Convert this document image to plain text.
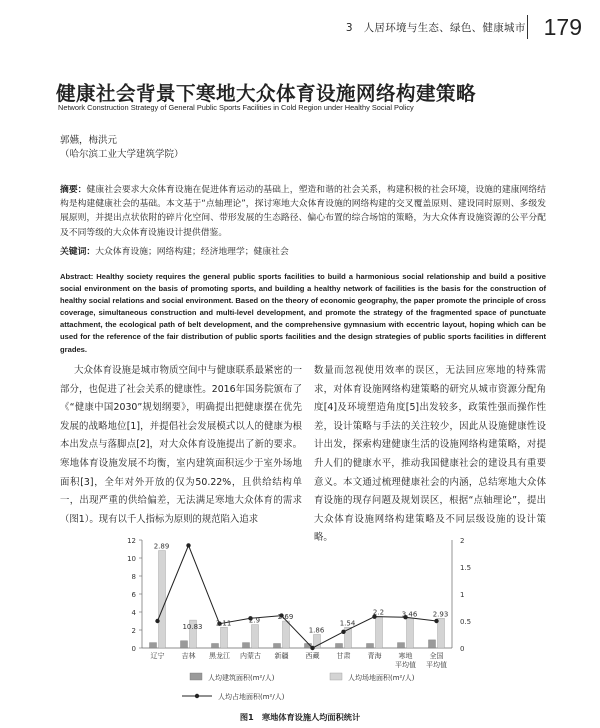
3　人居环境与生态、绿色、健康城市 179
健康社会背景下寒地大众体育设施网络构建策略
Network Construction Strategy of General Public Sports Facilities in Cold Region under Healthy Social Policy
郭嬿，梅洪元
（哈尔滨工业大学建筑学院）
摘要：健康社会要求大众体育设施在促进体育运动的基础上，塑造和谐的社会关系，构建积极的社会环境，设施的建康网络结构是构建健康社会的基础。本文基于“点轴理论”，探讨寒地大众体育设施的网络构建的交叉覆盖原则、建设同时原则、多级发展原则，并提出点状依附的碎片化空间、带形发展的生态路径、偏心布置的综合场馆的策略，为大众体育设施资源的公平分配及不同等级的大众体育设施设计提供借鉴。
关键词：大众体育设施；网络构建；经济地理学；健康社会
Abstract: Healthy society requires the general public sports facilities to build a harmonious social relationship and build a positive social environment on the basis of promoting sports, and building a healthy network of facilities is the basis for the construction of healthy social relations and social environment. Based on the theory of economic geography, the paper promote the principle of cross coverage, simultaneous construction and multi-level development, and promote the strategy of the fragmented space of punctuate attachment, the ecological path of belt development, and the comprehensive gymnasium with eccentric layout, hoping which can be used for the reference of the fair distribution of public sports facilities and the design strategies of public sports facilities in different grades.
大众体育设施是城市物质空间中与健康联系最紧密的一部分，也促进了社会关系的健康性。2016年国务院颁布了《“健康中国2030”规划纲要》，明确提出把健康摆在优先发展的战略地位[1]，并提倡社会发展模式以人的健康为根本出发点与落脚点[2]，对大众体育设施提出了新的要求。寒地体育设施发展不均衡，室内建筑面积远少于室外场地面积[3]，全年对外开放的仅为50.22%，且供给结构单一，出现严重的供给偏差，无法满足寒地大众体育的需求（图1）。现有以千人指标为原则的规范陷入追求
数量而忽视使用效率的误区，无法回应寒地的特殊需求，对体育设施网络构建策略的研究从城市资源分配角度[4]及环境塑造角度[5]出发较多，政策性强而操作性差，设计策略与手法的关注较少，因此从设施健康性设计出发，探索构建健康生活的设施网络构建策略，对提升人们的健康水平，推动我国健康社会的建设具有重要意义。本文通过梳理健康社会的内涵，总结寒地大众体育设施的现存问题及规划误区，根据“点轴理论”，提出大众体育设施网络构建策略及不同层级设施的设计策略。
0
2
4
6
8
10
12
0
0.5
1
1.5
2
2.89
10.83 3.11	2.9	2.69
1.86
1.54
2.2	3.46 2.93
辽宁 吉林 黑龙江 内蒙古 新疆 西藏 甘肃 青海 寒地
平均值
全国
平均值
人均建筑面积(m²/人)	人均场地面积(m²/人)
人均占地面积(m²/人)
图1　寒地体育设施人均面积统计
